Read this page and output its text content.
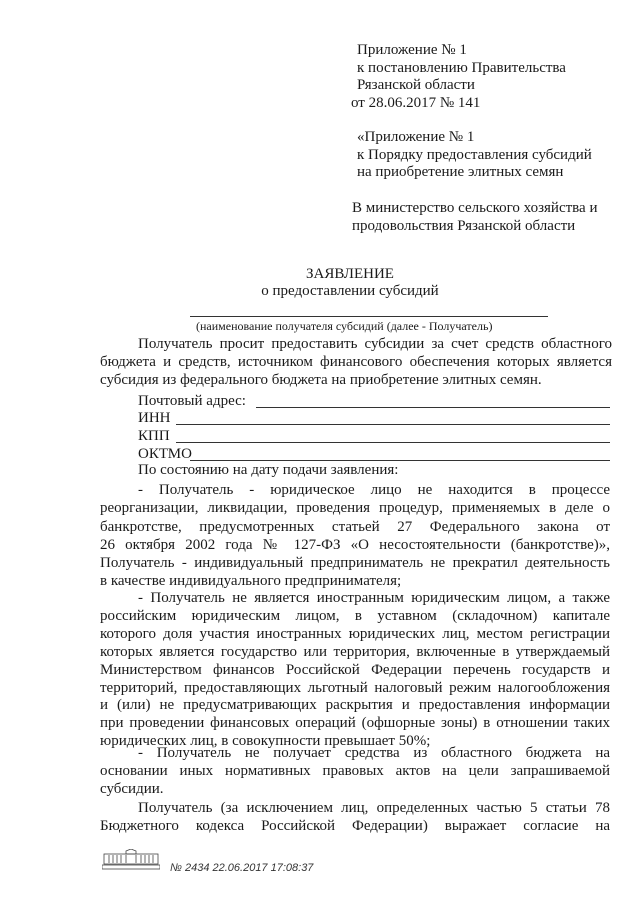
Приложение № 1
к постановлению Правительства
Рязанской области
от 28.06.2017 № 141
«Приложение № 1
к Порядку предоставления субсидий
на приобретение элитных семян
В министерство сельского хозяйства и
продовольствия Рязанской области
ЗАЯВЛЕНИЕ
о предоставлении субсидий
(наименование получателя субсидий (далее - Получатель)
Получатель просит предоставить субсидии за счет средств областного
бюджета и средств, источником финансового обеспечения которых является
субсидия из федерального бюджета на приобретение элитных семян.
Почтовый адрес:
ИНН
КПП
ОКТМО
По состоянию на дату подачи заявления:
- Получатель - юридическое лицо не находится в процессе
реорганизации, ликвидации, проведения процедур, применяемых в деле о
банкротстве, предусмотренных статьей 27 Федерального закона от
26 октября 2002 года № 127-ФЗ «О несостоятельности (банкротстве)»,
Получатель - индивидуальный предприниматель не прекратил деятельность
в качестве индивидуального предпринимателя;
- Получатель не является иностранным юридическим лицом, а также
российским юридическим лицом, в уставном (складочном) капитале
которого доля участия иностранных юридических лиц, местом регистрации
которых является государство или территория, включенные в утверждаемый
Министерством финансов Российской Федерации перечень государств и
территорий, предоставляющих льготный налоговый режим налогообложения
и (или) не предусматривающих раскрытия и предоставления информации
при проведении финансовых операций (офшорные зоны) в отношении таких
юридических лиц, в совокупности превышает 50%;
- Получатель не получает средства из областного бюджета на
основании иных нормативных правовых актов на цели запрашиваемой
субсидии.
Получатель (за исключением лиц, определенных частью 5 статьи 78
Бюджетного кодекса Российской Федерации) выражает согласие на
№ 2434 22.06.2017 17:08:37
